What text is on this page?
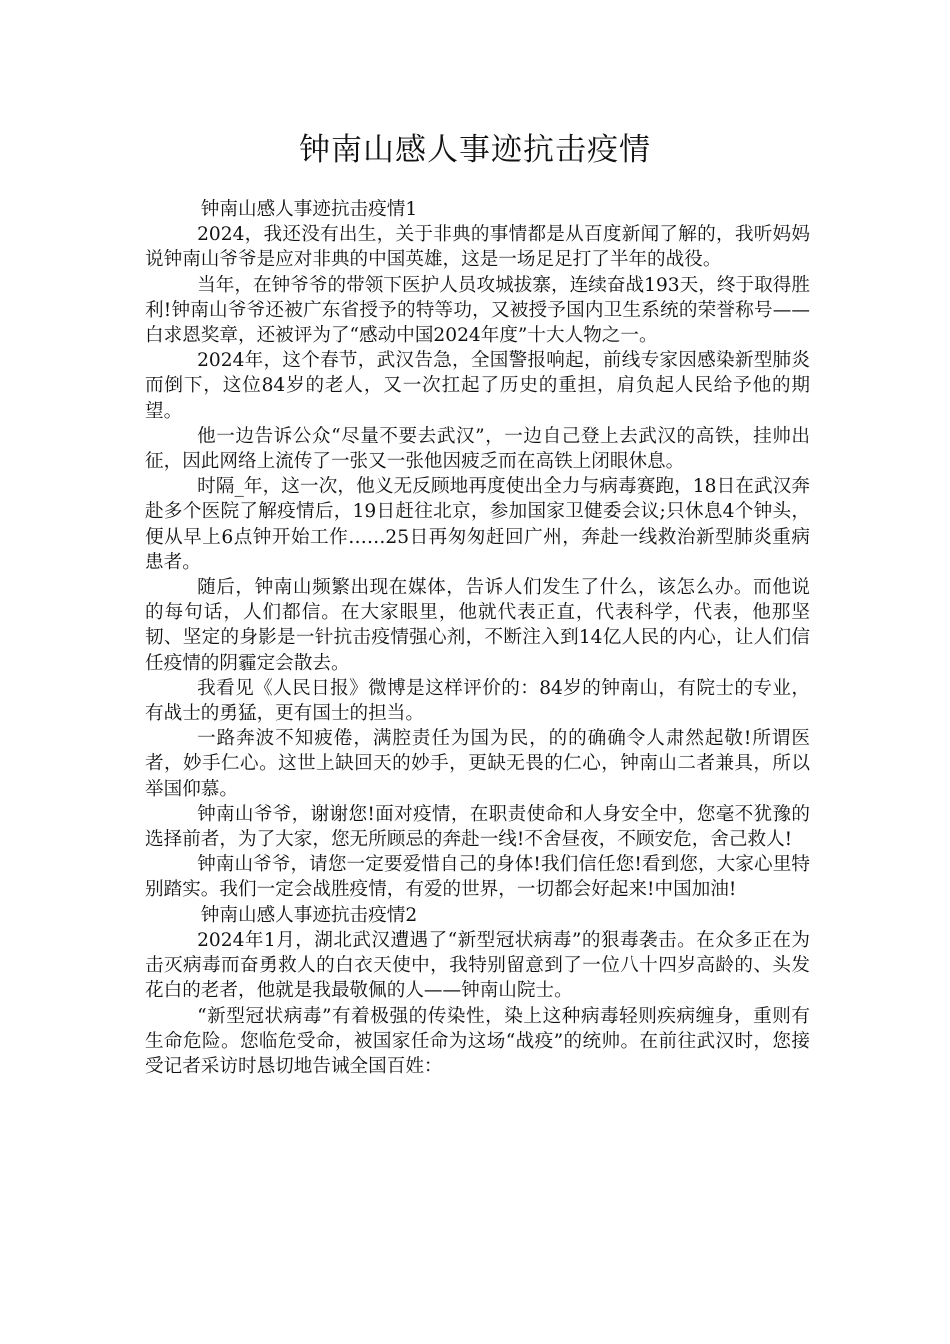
钟南山感人事迹抗击疫情

钟南山感人事迹抗击疫情1

2024，我还没有出生，关于非典的事情都是从百度新闻了解的，我听妈妈说钟南山爷爷是应对非典的中国英雄，这是一场足足打了半年的战役。

当年，在钟爷爷的带领下医护人员攻城拔寨，连续奋战193天，终于取得胜利!钟南山爷爷还被广东省授予的特等功，又被授予国内卫生系统的荣誉称号——白求恩奖章，还被评为了“感动中国2024年度”十大人物之一。

2024年，这个春节，武汉告急，全国警报响起，前线专家因感染新型肺炎而倒下，这位84岁的老人，又一次扛起了历史的重担，肩负起人民给予他的期望。

他一边告诉公众“尽量不要去武汉”，一边自己登上去武汉的高铁，挂帅出征，因此网络上流传了一张又一张他因疲乏而在高铁上闭眼休息。

时隔_年，这一次，他义无反顾地再度使出全力与病毒赛跑，18日在武汉奔赴多个医院了解疫情后，19日赶往北京，参加国家卫健委会议;只休息4个钟头，便从早上6点钟开始工作……25日再匆匆赶回广州，奔赴一线救治新型肺炎重病患者。

随后，钟南山频繁出现在媒体，告诉人们发生了什么，该怎么办。而他说的每句话，人们都信。在大家眼里，他就代表正直，代表科学，代表，他那坚韧、坚定的身影是一针抗击疫情强心剂，不断注入到14亿人民的内心，让人们信任疫情的阴霾定会散去。

我看见《人民日报》微博是这样评价的：84岁的钟南山，有院士的专业，有战士的勇猛，更有国士的担当。

一路奔波不知疲倦，满腔责任为国为民，的的确确令人肃然起敬!所谓医者，妙手仁心。这世上缺回天的妙手，更缺无畏的仁心，钟南山二者兼具，所以举国仰慕。

钟南山爷爷，谢谢您!面对疫情，在职责使命和人身安全中，您毫不犹豫的选择前者，为了大家，您无所顾忌的奔赴一线!不舍昼夜，不顾安危，舍己救人!

钟南山爷爷，请您一定要爱惜自己的身体!我们信任您!看到您，大家心里特别踏实。我们一定会战胜疫情，有爱的世界，一切都会好起来!中国加油!

钟南山感人事迹抗击疫情2

2024年1月，湖北武汉遭遇了“新型冠状病毒”的狠毒袭击。在众多正在为击灭病毒而奋勇救人的白衣天使中，我特别留意到了一位八十四岁高龄的、头发花白的老者，他就是我最敬佩的人——钟南山院士。

“新型冠状病毒”有着极强的传染性，染上这种病毒轻则疾病缠身，重则有生命危险。您临危受命，被国家任命为这场“战疫”的统帅。在前往武汉时，您接受记者采访时恳切地告诫全国百姓：
